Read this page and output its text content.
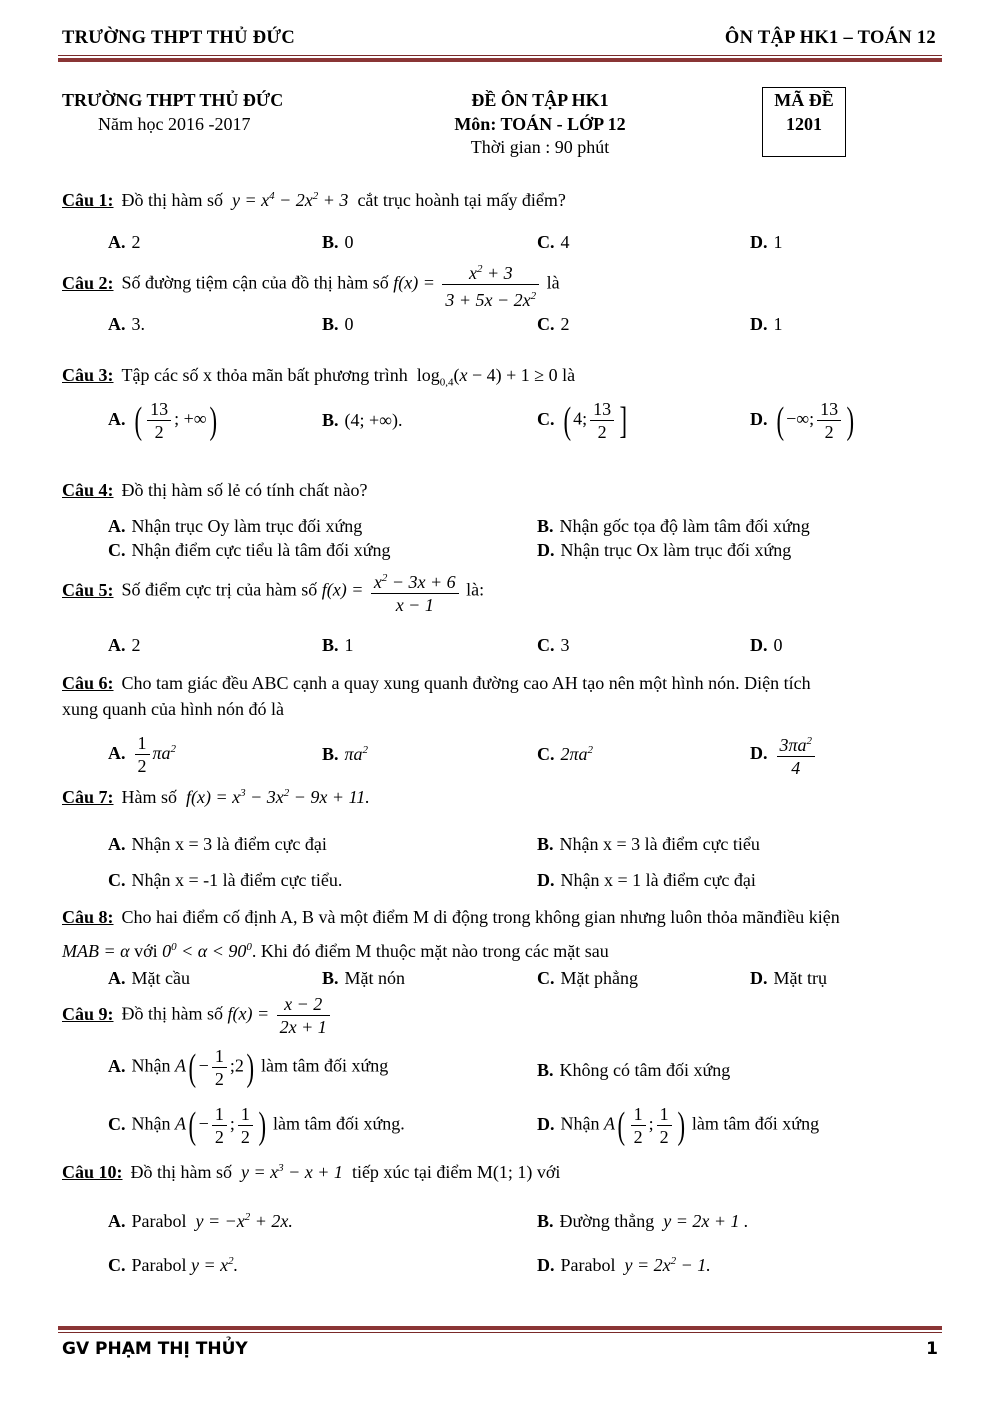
TRƯỜNG THPT THỦ ĐỨC	ÔN TẬP HK1 – TOÁN 12
TRƯỜNG THPT THỦ ĐỨC
Năm học 2016 -2017
ĐỀ ÔN TẬP HK1
Môn: TOÁN - LỚP 12
Thời gian : 90 phút
MÃ ĐỀ
1201
Câu 1: Đồ thị hàm số $y = x^4 - 2x^2 + 3$ cắt trục hoành tại mấy điểm?
A. 2	B. 0	C. 4	D. 1
Câu 2: Số đường tiệm cận của đồ thị hàm số $f(x) = \frac{x^2 + 3}{3 + 5x - 2x^2}$ là
A. 3.	B. 0	C. 2	D. 1
Câu 3: Tập các số x thỏa mãn bất phương trình $\log_{0,4}(x - 4) + 1 \ge 0$ là
A. ( $\frac{13}{2}$ ; +∞)	B. (4; +∞).	C. ( 4; $\frac{13}{2}$ ]	D. ( −∞; $\frac{13}{2}$ )
Câu 4: Đồ thị hàm số lẻ có tính chất nào?
A. Nhận trục Oy làm trục đối xứng	B. Nhận gốc tọa độ làm tâm đối xứng
C. Nhận điểm cực tiểu là tâm đối xứng	D. Nhận trục Ox làm trục đối xứng
Câu 5: Số điểm cực trị của hàm số $f(x) = \frac{x^2 - 3x + 6}{x - 1}$ là:
A. 2	B. 1	C. 3	D. 0
Câu 6: Cho tam giác đều ABC cạnh a quay xung quanh đường cao AH tạo nên một hình nón. Diện tích
xung quanh của hình nón đó là
A. $\frac{1}{2} \pi a^2$	B. $\pi a^2$	C. $2\pi a^2$	D. $\frac{3\pi a^2}{4}$
Câu 7: Hàm số $f(x) = x^3 - 3x^2 - 9x + 11$.
A. Nhận x = 3 là điểm cực đại	B. Nhận x = 3 là điểm cực tiểu
C. Nhận x = -1 là điểm cực tiểu.	D. Nhận x = 1 là điểm cực đại
Câu 8: Cho hai điểm cố định A, B và một điểm M di động trong không gian nhưng luôn thỏa mãnđiều kiện
MAB = α với $0^0 < \alpha < 90^0$. Khi đó điểm M thuộc mặt nào trong các mặt sau
A. Mặt cầu	B. Mặt nón	C. Mặt phẳng	D. Mặt trụ
Câu 9: Đồ thị hàm số $f(x) = \frac{x - 2}{2x + 1}$
A. Nhận $A( - \frac{1}{2}$ ;2) làm tâm đối xứng	B. Không có tâm đối xứng
C. Nhận $A( - \frac{1}{2}$ ; $\frac{1}{2}$ ) làm tâm đối xứng.	D. Nhận $A( \frac{1}{2}$ ; $\frac{1}{2}$ ) làm tâm đối xứng
Câu 10: Đồ thị hàm số $y = x^3 - x + 1$ tiếp xúc tại điểm M(1; 1) với
A. Parabol $y = -x^2 + 2x$.	B. Đường thẳng y = 2x + 1 .
C. Parabol $y = x^2$.	D. Parabol $y = 2x^2 - 1$.
GV PHẠM THỊ THỦY	1
